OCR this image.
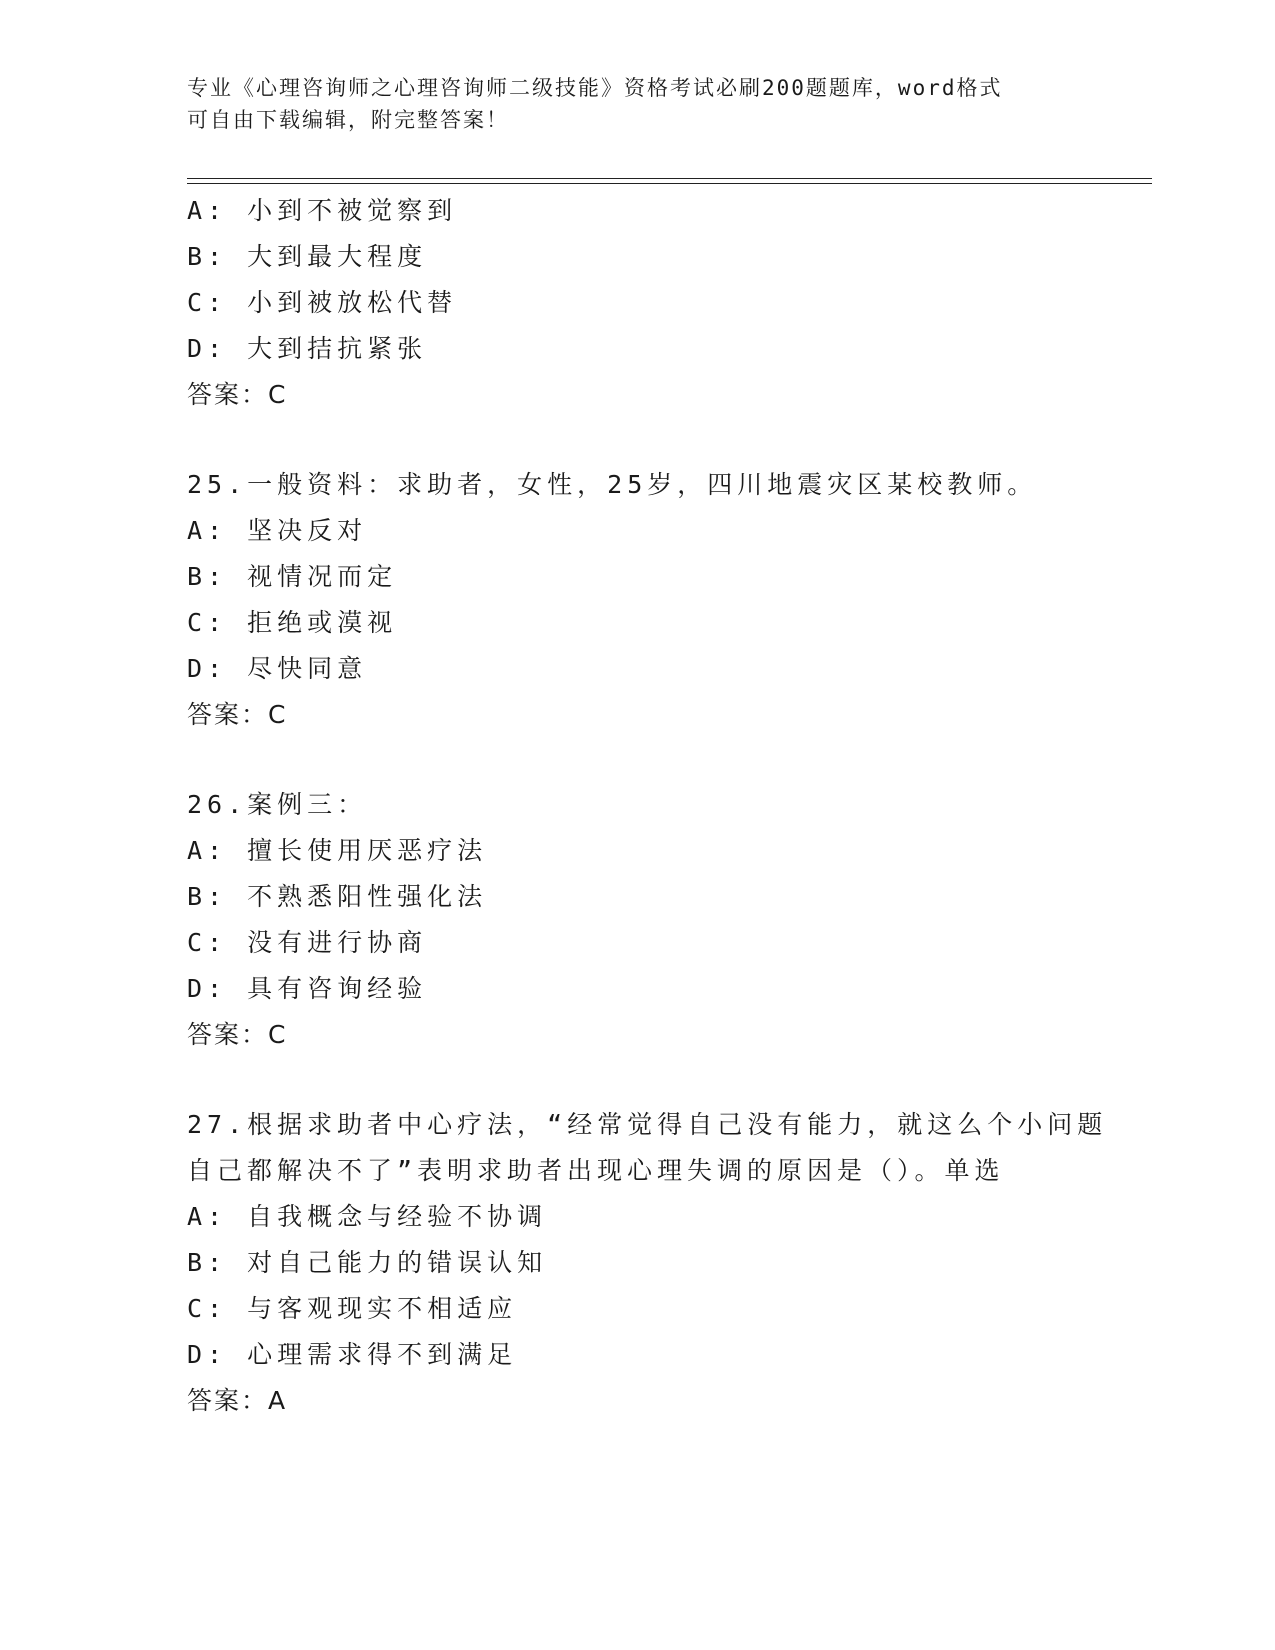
专业《心理咨询师之心理咨询师二级技能》资格考试必刷200题题库，word格式
可自由下载编辑，附完整答案！
A: 小到不被觉察到
B: 大到最大程度
C: 小到被放松代替
D: 大到拮抗紧张
答案：C
25.一般资料：求助者，女性，25岁，四川地震灾区某校教师。
A: 坚决反对
B: 视情况而定
C: 拒绝或漠视
D: 尽快同意
答案：C
26.案例三：
A: 擅长使用厌恶疗法
B: 不熟悉阳性强化法
C: 没有进行协商
D: 具有咨询经验
答案：C
27.根据求助者中心疗法，“经常觉得自己没有能力，就这么个小问题
自己都解决不了”表明求助者出现心理失调的原因是（）。单选
A: 自我概念与经验不协调
B: 对自己能力的错误认知
C: 与客观现实不相适应
D: 心理需求得不到满足
答案：A
